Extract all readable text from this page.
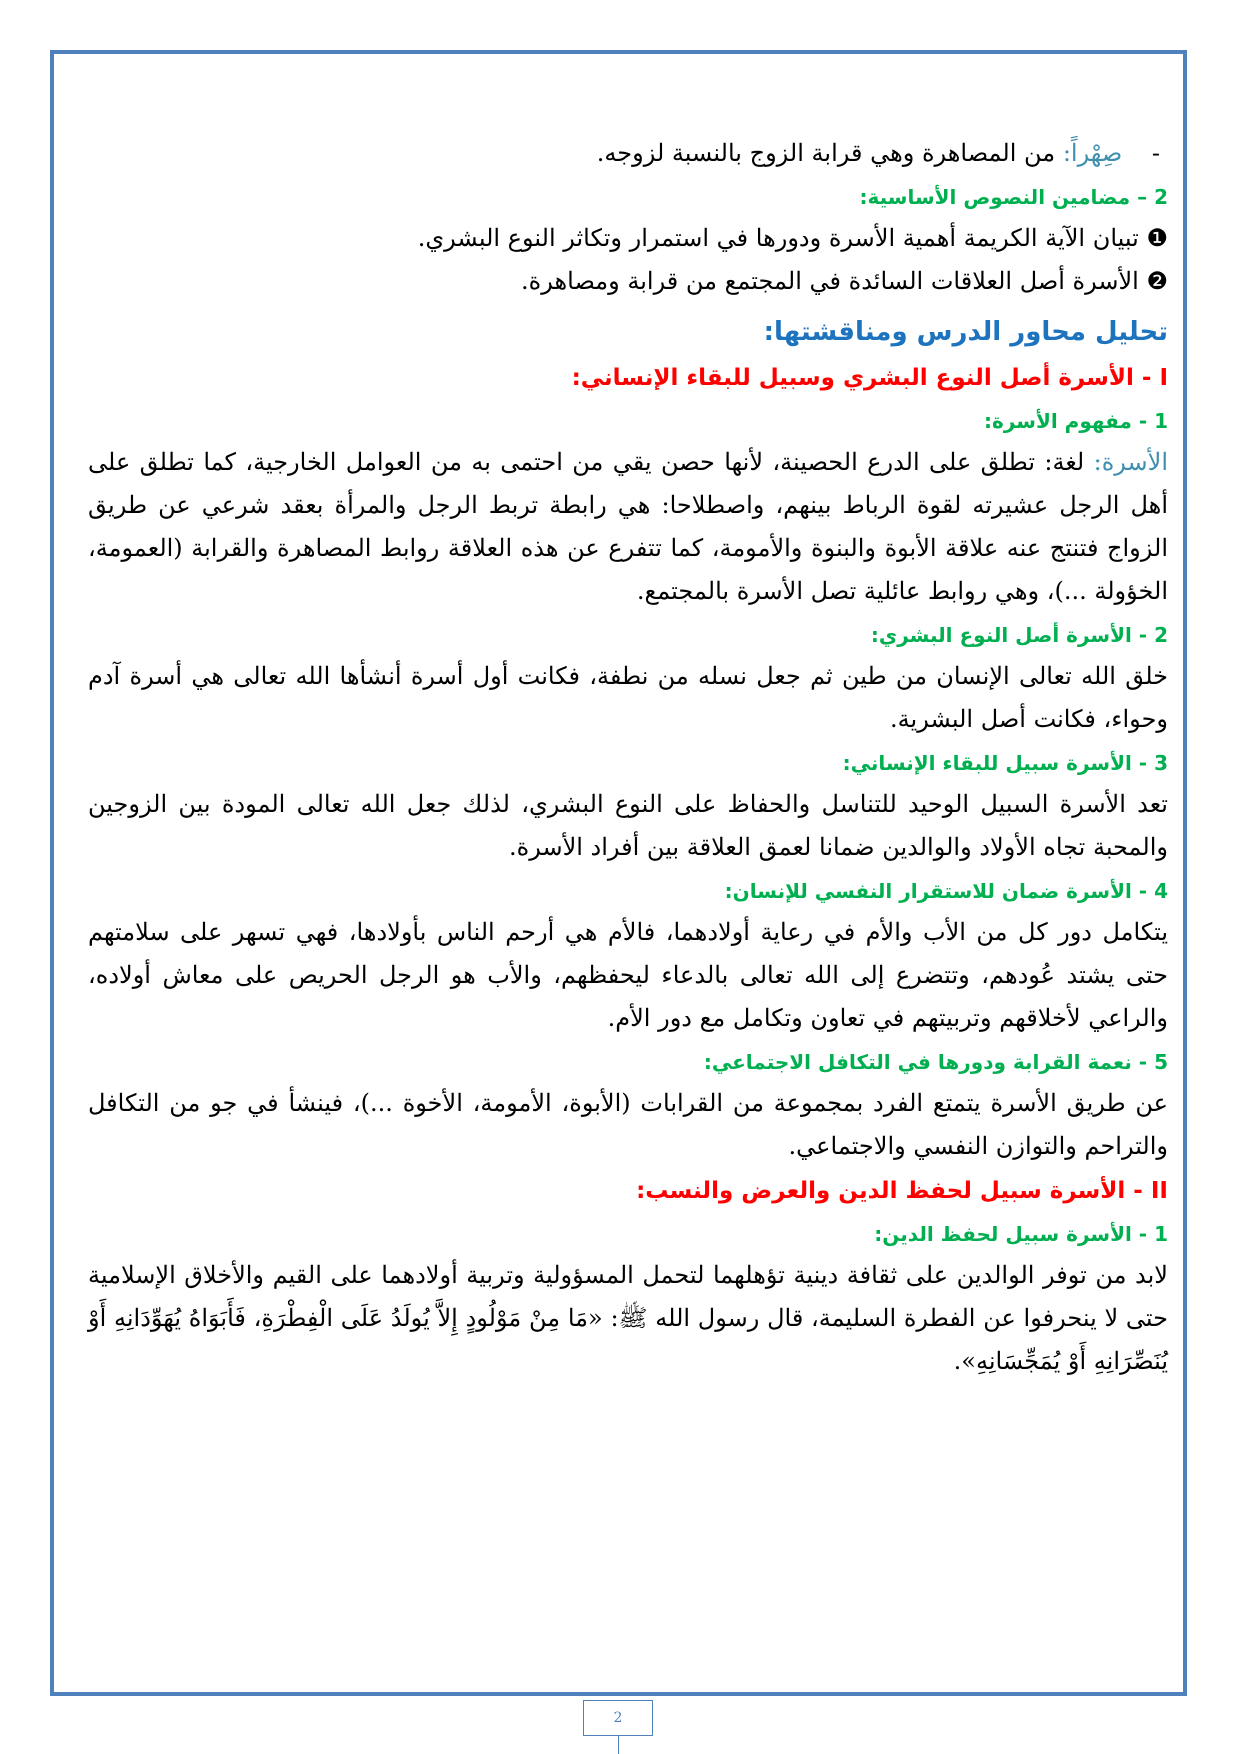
- صِهْراً: من المصاهرة وهي قرابة الزوج بالنسبة لزوجه.

2 – مضامين النصوص الأساسية:

❶ تبيان الآية الكريمة أهمية الأسرة ودورها في استمرار وتكاثر النوع البشري.

❷ الأسرة أصل العلاقات السائدة في المجتمع من قرابة ومصاهرة.

تحليل محاور الدرس ومناقشتها:
I - الأسرة أصل النوع البشري وسبيل للبقاء الإنساني:
1 - مفهوم الأسرة:

الأسرة: لغة: تطلق على الدرع الحصينة، لأنها حصن يقي من احتمى به من العوامل الخارجية، كما تطلق على أهل الرجل عشيرته لقوة الرباط بينهم، واصطلاحا: هي رابطة تربط الرجل والمرأة بعقد شرعي عن طريق الزواج فتنتج عنه علاقة الأبوة والبنوة والأمومة، كما تتفرع عن هذه العلاقة روابط المصاهرة والقرابة (العمومة، الخؤولة ...)، وهي روابط عائلية تصل الأسرة بالمجتمع.

2 - الأسرة أصل النوع البشري:

خلق الله تعالى الإنسان من طين ثم جعل نسله من نطفة، فكانت أول أسرة أنشأها الله تعالى هي أسرة آدم وحواء، فكانت أصل البشرية.

3 - الأسرة سبيل للبقاء الإنساني:

تعد الأسرة السبيل الوحيد للتناسل والحفاظ على النوع البشري، لذلك جعل الله تعالى المودة بين الزوجين والمحبة تجاه الأولاد والوالدين ضمانا لعمق العلاقة بين أفراد الأسرة.

4 - الأسرة ضمان للاستقرار النفسي للإنسان:

يتكامل دور كل من الأب والأم في رعاية أولادهما، فالأم هي أرحم الناس بأولادها، فهي تسهر على سلامتهم حتى يشتد عُودهم، وتتضرع إلى الله تعالى بالدعاء ليحفظهم، والأب هو الرجل الحريص على معاش أولاده، والراعي لأخلاقهم وتربيتهم في تعاون وتكامل مع دور الأم.

5 - نعمة القرابة ودورها في التكافل الاجتماعي:

عن طريق الأسرة يتمتع الفرد بمجموعة من القرابات (الأبوة، الأمومة، الأخوة ...)، فينشأ في جو من التكافل والتراحم والتوازن النفسي والاجتماعي.

II - الأسرة سبيل لحفظ الدين والعرض والنسب:
1 - الأسرة سبيل لحفظ الدين:

لابد من توفر الوالدين على ثقافة دينية تؤهلهما لتحمل المسؤولية وتربية أولادهما على القيم والأخلاق الإسلامية حتى لا ينحرفوا عن الفطرة السليمة، قال رسول الله ﷺ: «مَا مِنْ مَوْلُودٍ إِلاَّ يُولَدُ عَلَى الْفِطْرَةِ، فَأَبَوَاهُ يُهَوِّدَانِهِ أَوْ يُنَصِّرَانِهِ أَوْ يُمَجِّسَانِهِ».

2
